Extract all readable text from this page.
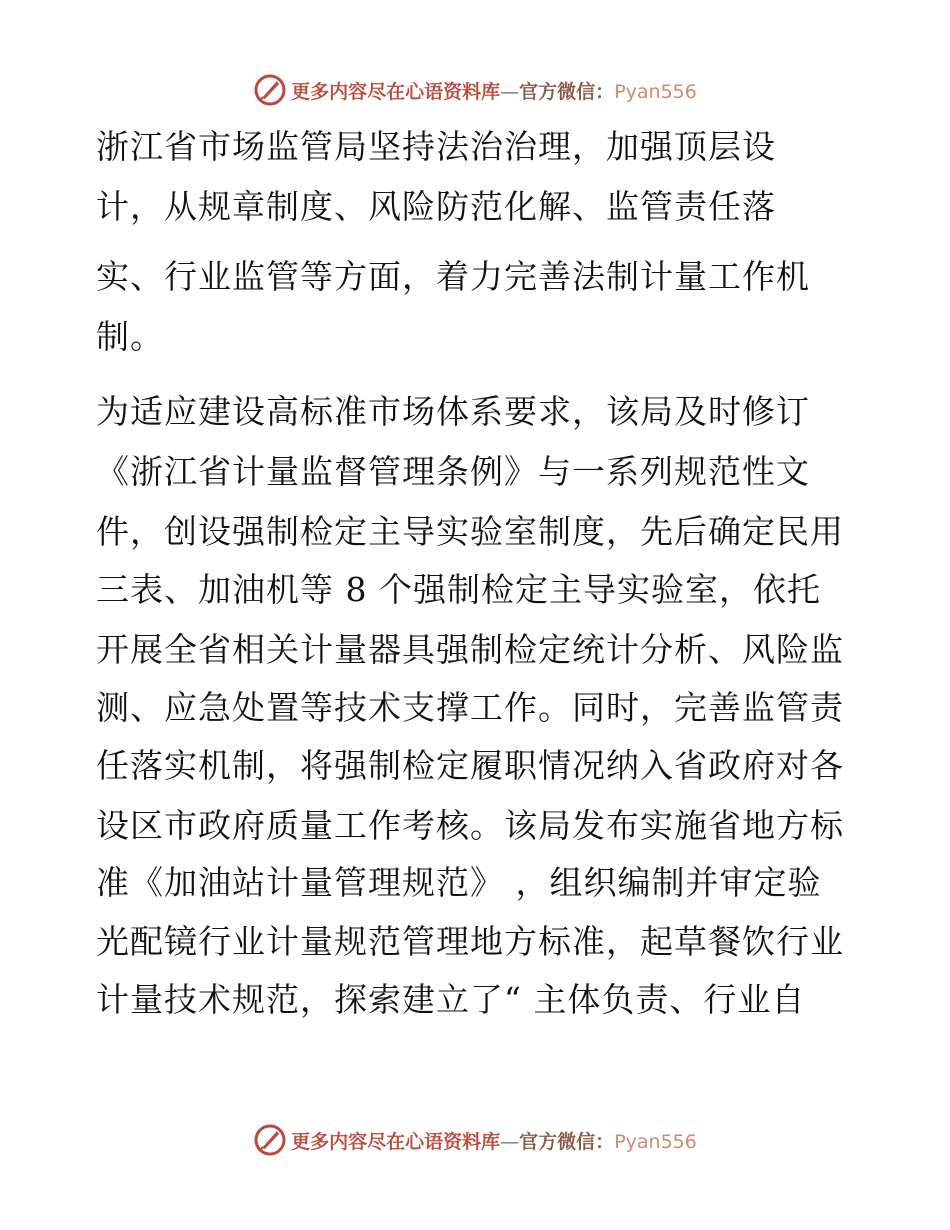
更多内容尽在心语资料库—官方微信：Pyan556
浙江省市场监管局坚持法治治理，加强顶层设
计，从规章制度、风险防范化解、监管责任落
实、行业监管等方面，着力完善法制计量工作机
制。
为适应建设高标准市场体系要求，该局及时修订
《浙江省计量监督管理条例》与一系列规范性文
件，创设强制检定主导实验室制度，先后确定民用
三表、加油机等 8 个强制检定主导实验室，依托
开展全省相关计量器具强制检定统计分析、风险监
测、应急处置等技术支撑工作。同时，完善监管责
任落实机制，将强制检定履职情况纳入省政府对各
设区市政府质量工作考核。该局发布实施省地方标
准《加油站计量管理规范》 ，组织编制并审定验
光配镜行业计量规范管理地方标准，起草餐饮行业
计量技术规范，探索建立了“ 主体负责、行业自
更多内容尽在心语资料库—官方微信：Pyan556
